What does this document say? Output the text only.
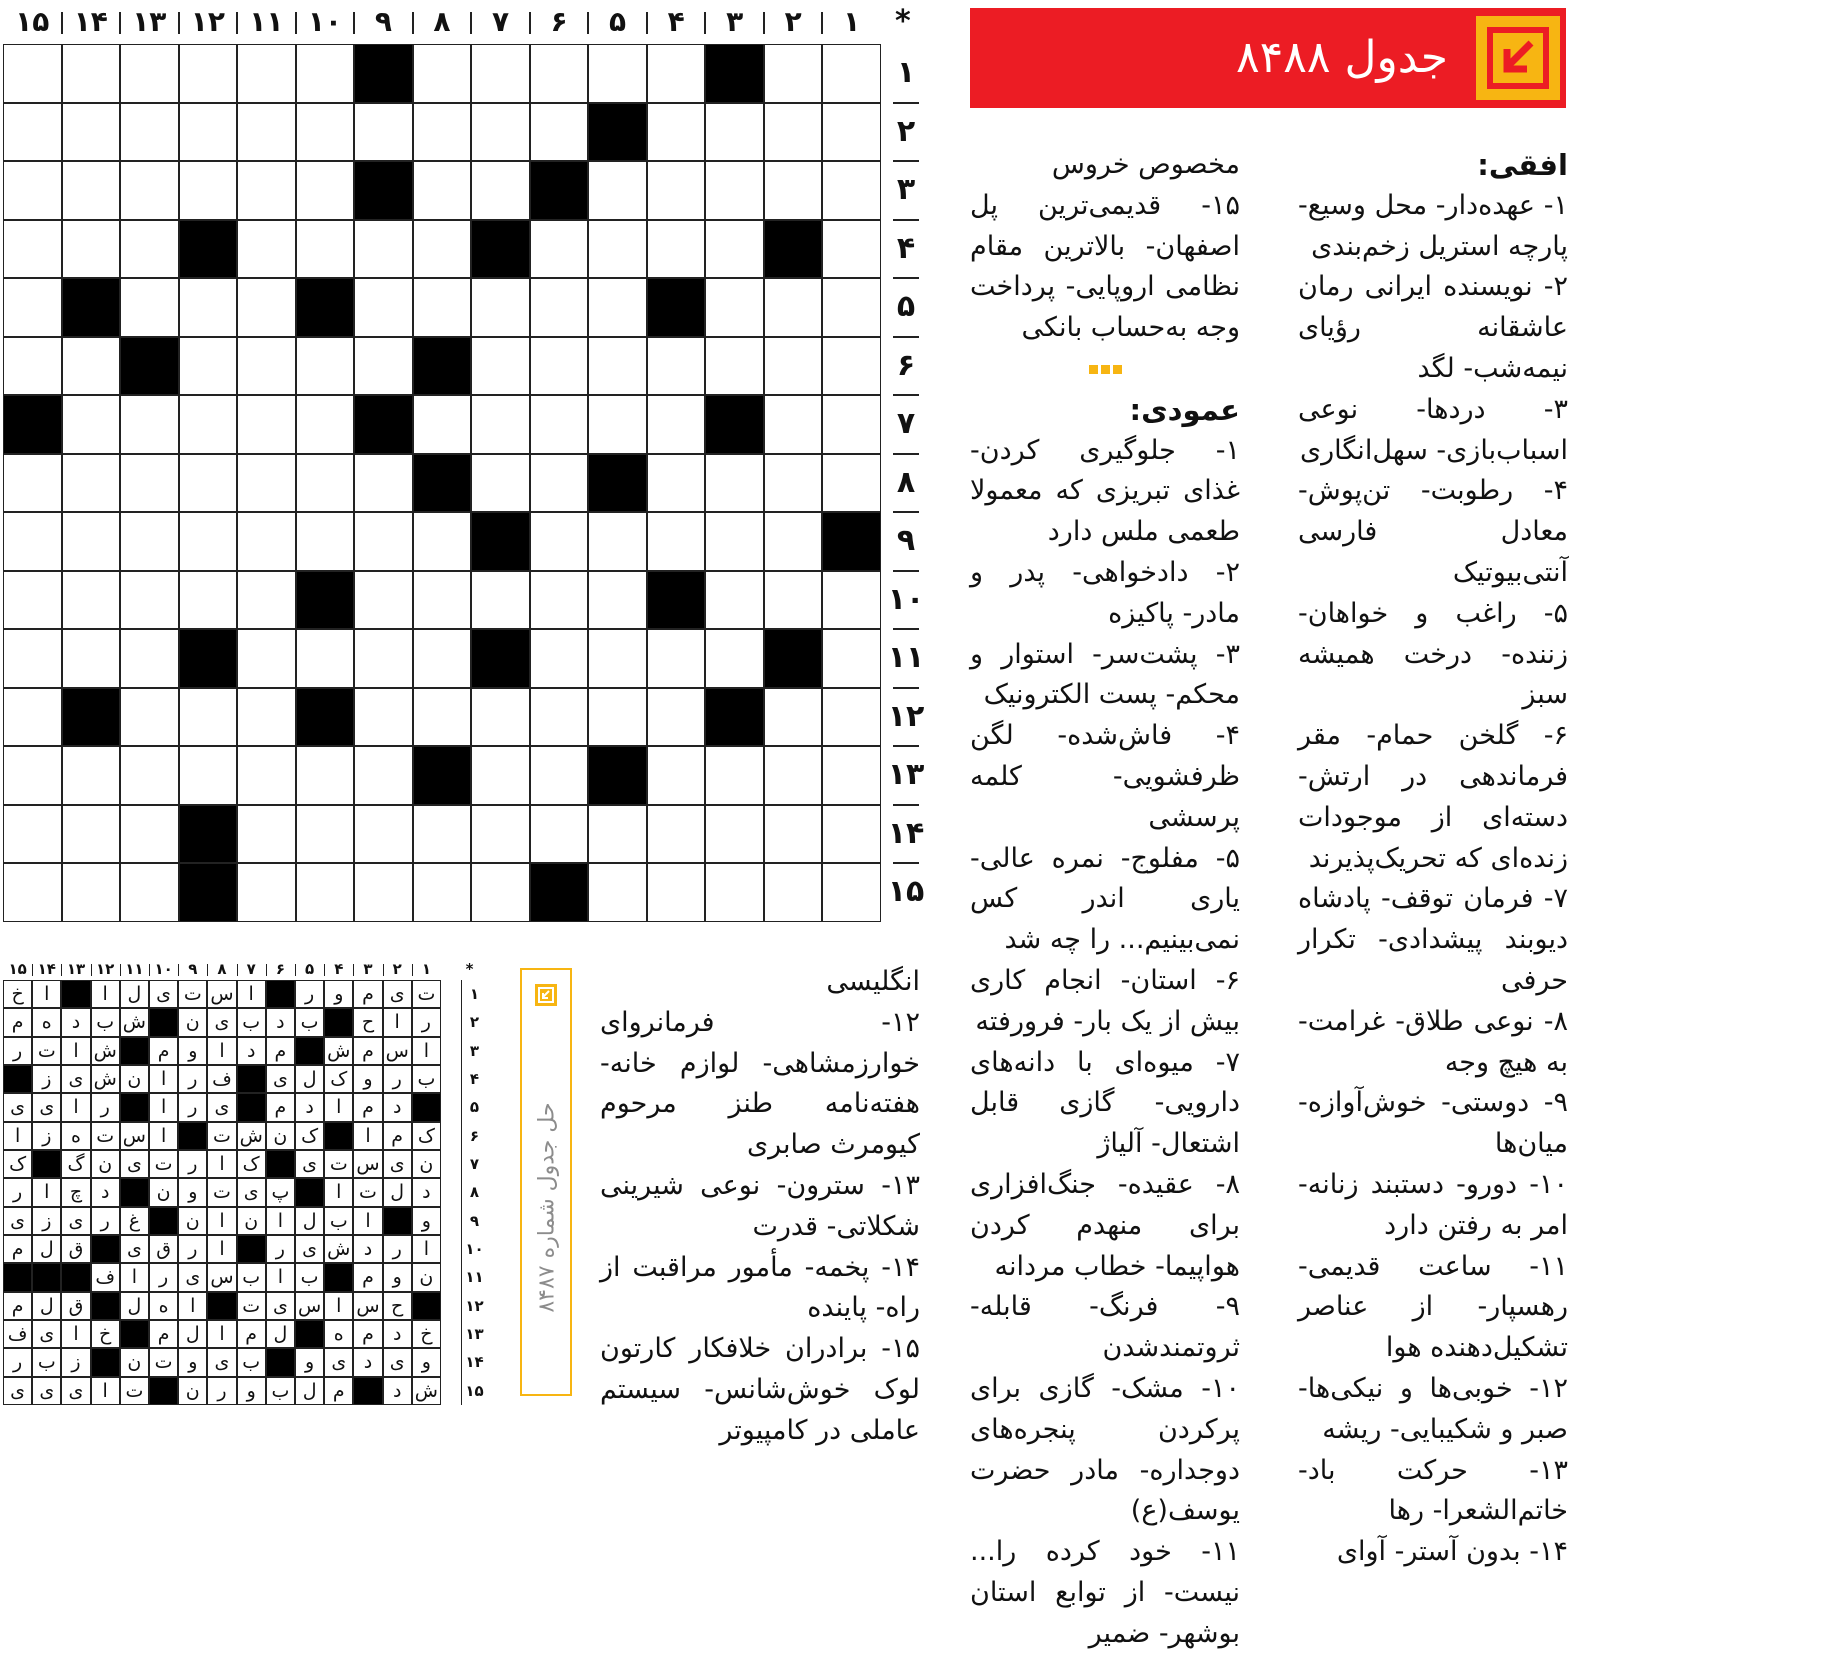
جدول ۸۴۸۸
۱
۲
۳
۴
۵
۶
۷
۸
۹
۱۰
۱۱
۱۲
۱۳
۱۴
۱۵	*
۱
۲
۳
۴
۵
۶
۷
۸
۹
۱۰
۱۱
۱۲
۱۳
۱۴
۱۵
افقی:

۱- عهده‌دار- محل وسیع- پارچه استریل زخم‌بندی

۲- نویسنده ایرانی رمان عاشقانه رؤیای نیمه‌شب- لگد

۳- دردها- نوعی اسباب‌بازی- سهل‌انگاری

۴- رطوبت- تن‌پوش- معادل فارسی آنتی‌بیوتیک

۵- راغب و خواهان- زننده- درخت همیشه سبز

۶- گلخن حمام- مقر فرماندهی در ارتش- دسته‌ای از موجودات زنده‌ای که تحریک‌پذیرند

۷- فرمان توقف- پادشاه دیوبند پیشدادی- تکرار حرفی

۸- نوعی طلاق- غرامت- به هیچ وجه

۹- دوستی- خوش‌آوازه- میان‌ها

۱۰- دورو- دستبند زنانه- امر به رفتن دارد

۱۱- ساعت قدیمی- رهسپار- از عناصر تشکیل‌دهنده هوا

۱۲- خوبی‌ها و نیکی‌ها- صبر و شکیبایی- ریشه

۱۳- حرکت باد- خاتم‌الشعرا- رها

۱۴- بدون آستر- آوای

مخصوص خروس

۱۵- قدیمی‌ترین پل اصفهان- بالاترین مقام نظامی اروپایی- پرداخت وجه به‌حساب بانکی

عمودی:

۱- جلوگیری کردن- غذای تبریزی که معمولا طعمی ملس دارد

۲- دادخواهی- پدر و مادر- پاکیزه

۳- پشت‌سر- استوار و محکم- پست الکترونیک

۴- فاش‌شده- لگن ظرفشویی- کلمه پرسشی

۵- مفلوج- نمره عالی- یاری اندر کس نمی‌بینیم... را چه شد

۶- استان- انجام کاری بیش از یک بار- فرورفته

۷- میوه‌ای با دانه‌های دارویی- گازی قابل اشتعال- آلیاژ

۸- عقیده- جنگ‌افزاری برای منهدم کردن هواپیما- خطاب مردانه

۹- فرنگ- قابله- ثروتمندشدن

۱۰- مشک- گازی برای پرکردن پنجره‌های دوجداره- مادر حضرت یوسف(ع)

۱۱- خود کرده را... نیست- از توابع استان بوشهر- ضمیر

انگلیسی

۱۲- فرمانروای خوارزمشاهی- لوازم خانه- هفته‌نامه طنز مرحوم کیومرث صابری

۱۳- سترون- نوعی شیرینی شکلاتی- قدرت

۱۴- پخمه- مأمور مراقبت از راه- پاینده

۱۵- برادران خلافکار کارتون لوک خوش‌شانس- سیستم عاملی در کامپیوتر

حل جدول شماره ۸۴۸۷
۱
۲
۳
۴
۵
۶
۷
۸
۹
۱۰
۱۱
۱۲
۱۳
۱۴
۱۵	*
ت
ی
م
و
ر
ا
س
ت
ی
ل
ا
ا
خ
ر
ا
ح
ب
د
ب
ی
ن
ش
ب
د
ه
م
ا
س
م
ش
م
د
ا
و
م
ش
ا
ت
ر
ب
ر
و
ک
ل
ی
ف
ر
ا
ن
ش
ی
ز
د
م
ا
د
م
ی
ر
ا
ر
ا
ی
ی
ک
م
ا
ک
ن
ش
ت
ا
س
ت
ه
ز
ا
ن
ی
س
ت
ی
ک
ا
ر
ت
ی
ن
گ
ک
د
ل
ت
ا
پ
ی
ت
و
ن
د
چ
ا
ر
و
ا
ب
ل
ا
ن
ا
ن
غ
ر
ی
ز
ی
ا
ر
د
ش
ی
ر
ا
ر
ق
ی
ق
ل
م
ن
و
م
ب
ا
ب
س
ی
ر
ا
ف
ح
س
ا
س
ی
ت
ا
ه
ل
ق
ل
م
خ
د
م
ه
ل
م
ا
ل
م
خ
ا
ی
ف
و
ی
د
ی
و
ب
ی
و
ت
ن
ز
ب
ر
ش
د
م
ل
ب
و
ر
ن
ت
ا
ی
ی
ی
۱
۲
۳
۴
۵
۶
۷
۸
۹
۱۰
۱۱
۱۲
۱۳
۱۴
۱۵
